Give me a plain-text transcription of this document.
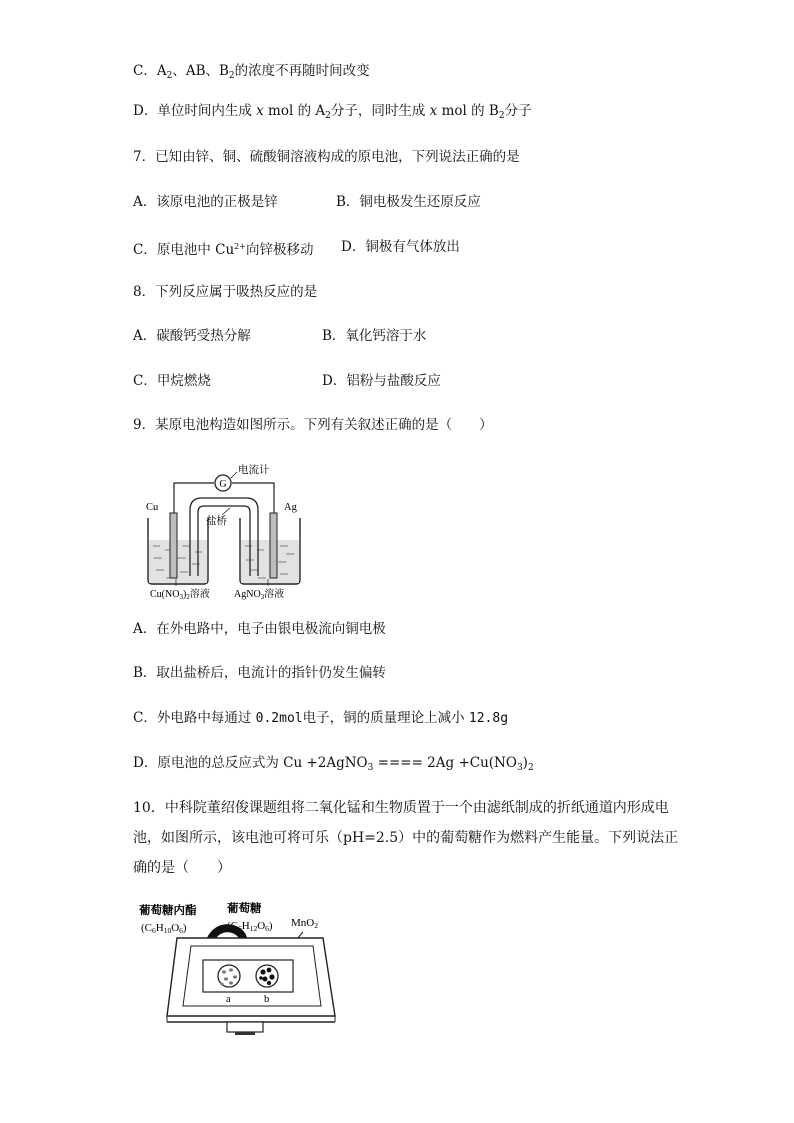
C．$A_2$、AB、$B_2$的浓度不再随时间改变
D．单位时间内生成 x mol 的 $A_2$分子，同时生成 x mol 的 $B_2$分子
7．已知由锌、铜、硫酸铜溶液构成的原电池，下列说法正确的是
A．该原电池的正极是锌	B．铜电极发生还原反应
C．原电池中 $Cu^{2+}$向锌极移动 D．铜极有气体放出
8．下列反应属于吸热反应的是
A．碳酸钙受热分解	B．氧化钙溶于水
C．甲烷燃烧	D．铝粉与盐酸反应
9．某原电池构造如图所示。下列有关叙述正确的是（　　）
G
电流计
盐桥
Cu	Ag
$Cu(NO_3)_2$溶液 AgNO$_3$溶液
A．在外电路中，电子由银电极流向铜电极
B．取出盐桥后，电流计的指针仍发生偏转
C．外电路中每通过 0.2mol电子，铜的质量理论上减小 12.8g
D．原电池的总反应式为 Cu +2AgNO$_3$ ==== $2Ag +Cu(NO_3)_2$
10．中科院董绍俊课题组将二氧化锰和生物质置于一个由滤纸制成的折纸通道内形成电
池，如图所示，该电池可将可乐（pH=2.5）中的葡萄糖作为燃料产生能量。下列说法正
确的是（　　）
葡萄糖内酯
(C6H10O6)
葡萄糖
(C6H12O6) MnO2
a	b
